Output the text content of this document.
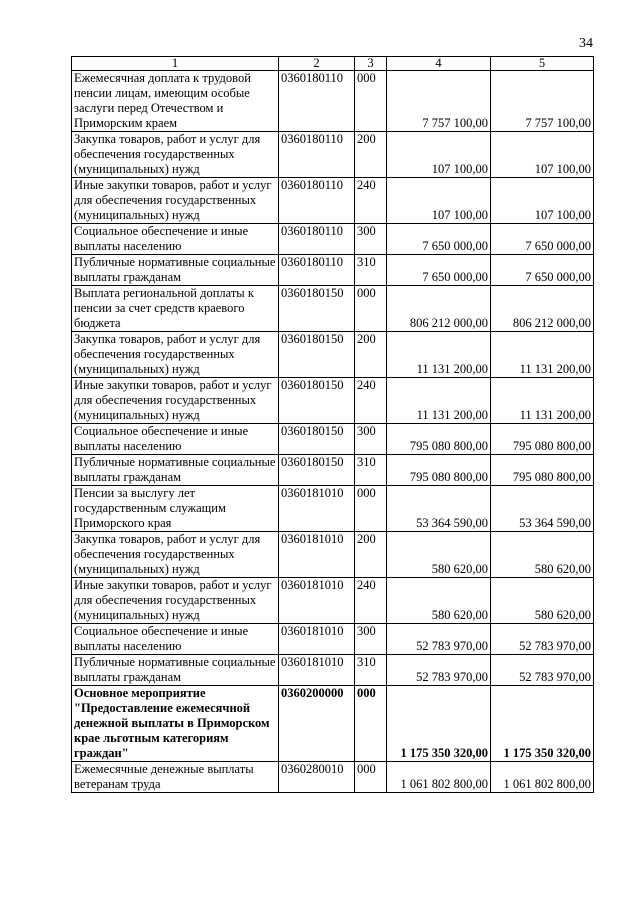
34
1	2	3	4	5
Ежемесячная доплата к трудовой пенсии лицам, имеющим особые заслуги перед Отечеством и Приморским краем	0360180110	000	7 757 100,00	7 757 100,00
Закупка товаров, работ и услуг для обеспечения государственных (муниципальных) нужд	0360180110	200	107 100,00	107 100,00
Иные закупки товаров, работ и услуг для обеспечения государственных (муниципальных) нужд	0360180110	240	107 100,00	107 100,00
Социальное обеспечение и иные выплаты населению	0360180110	300	7 650 000,00	7 650 000,00
Публичные нормативные социальные выплаты гражданам	0360180110	310	7 650 000,00	7 650 000,00
Выплата региональной доплаты к пенсии за счет средств краевого бюджета	0360180150	000	806 212 000,00	806 212 000,00
Закупка товаров, работ и услуг для обеспечения государственных (муниципальных) нужд	0360180150	200	11 131 200,00	11 131 200,00
Иные закупки товаров, работ и услуг для обеспечения государственных (муниципальных) нужд	0360180150	240	11 131 200,00	11 131 200,00
Социальное обеспечение и иные выплаты населению	0360180150	300	795 080 800,00	795 080 800,00
Публичные нормативные социальные выплаты гражданам	0360180150	310	795 080 800,00	795 080 800,00
Пенсии за выслугу лет государственным служащим Приморского края	0360181010	000	53 364 590,00	53 364 590,00
Закупка товаров, работ и услуг для обеспечения государственных (муниципальных) нужд	0360181010	200	580 620,00	580 620,00
Иные закупки товаров, работ и услуг для обеспечения государственных (муниципальных) нужд	0360181010	240	580 620,00	580 620,00
Социальное обеспечение и иные выплаты населению	0360181010	300	52 783 970,00	52 783 970,00
Публичные нормативные социальные выплаты гражданам	0360181010	310	52 783 970,00	52 783 970,00
Основное мероприятие "Предоставление ежемесячной денежной выплаты в Приморском крае льготным категориям граждан"	0360200000	000	1 175 350 320,00	1 175 350 320,00
Ежемесячные денежные выплаты ветеранам труда	0360280010	000	1 061 802 800,00	1 061 802 800,00
